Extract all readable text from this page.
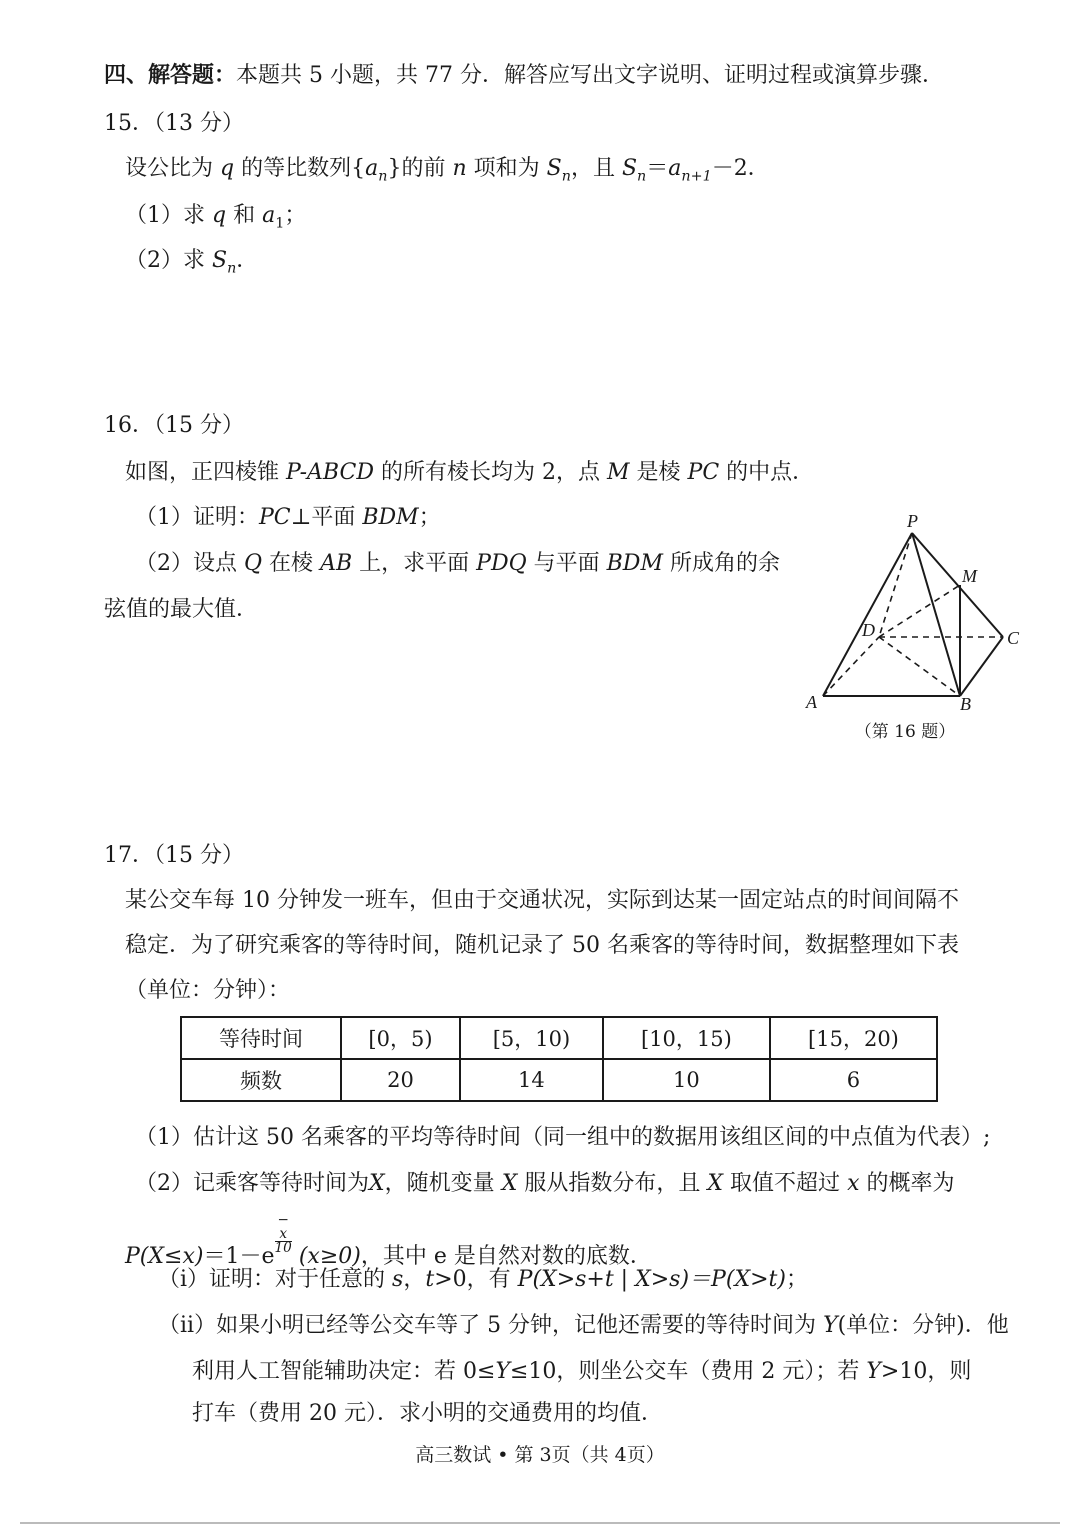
四、解答题：本题共 5 小题，共 77 分．解答应写出文字说明、证明过程或演算步骤．
15．（13 分）
设公比为 q 的等比数列$\{a_n\}$的前 n 项和为 $S_n$，且 $S_n=a_{n+1}-2$．
（1）求 q 和 $a_1$；
（2）求 $S_n$．
16．（15 分）
如图，正四棱锥 P-ABCD 的所有棱长均为 2，点 M 是棱 PC 的中点．
（1）证明：PC⊥平面 BDM；
（2）设点 Q 在棱 AB 上，求平面 PDQ 与平面 BDM 所成角的余
弦值的最大值．
P
M
D	C
A	B
（第 16 题）
17．（15 分）
某公交车每 10 分钟发一班车，但由于交通状况，实际到达某一固定站点的时间间隔不
稳定．为了研究乘客的等待时间，随机记录了 50 名乘客的等待时间，数据整理如下表
（单位：分钟）：
等待时间	[0，5)	[5，10)	[10，15)	[15，20)
频数	20	14	10	6
（1）估计这 50 名乘客的平均等待时间（同一组中的数据用该组区间的中点值为代表）;
（2）记乘客等待时间为X，随机变量 X 服从指数分布，且 X 取值不超过 x 的概率为
P(X≤x)＝1－e
−
x
10
(x≥0)，其中 e 是自然对数的底数．
（i）证明：对于任意的 s，t>0，有 P(X>s+t | X>s)＝P(X>t)；
（ii）如果小明已经等公交车等了 5 分钟，记他还需要的等待时间为 Y(单位：分钟)．他
利用人工智能辅助决定：若 0≤Y≤10，则坐公交车（费用 2 元）；若 Y>10，则
打车（费用 20 元）．求小明的交通费用的均值．
高三数试 • 第 3页（共 4页）
